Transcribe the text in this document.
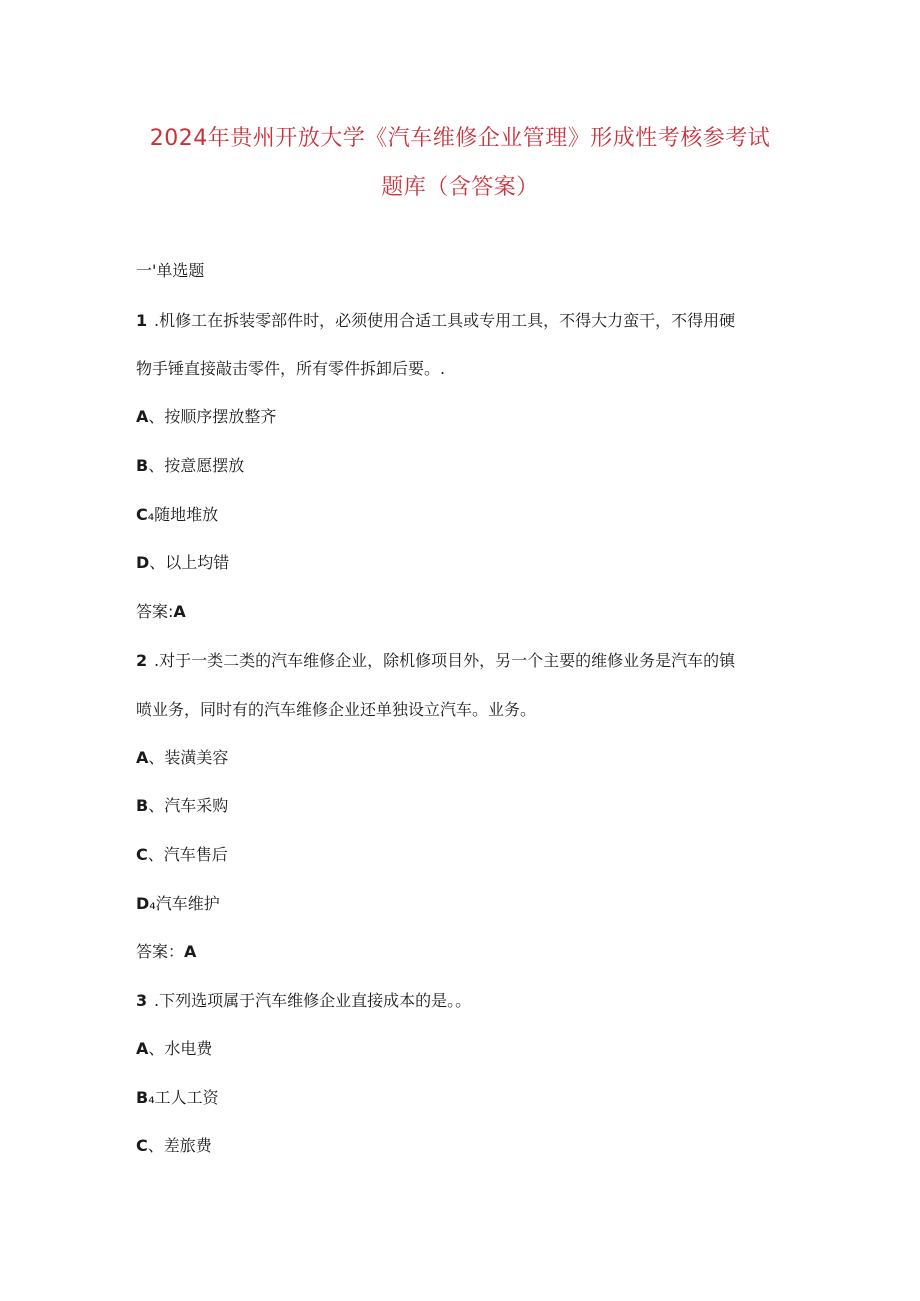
2024年贵州开放大学《汽车维修企业管理》形成性考核参考试
题库（含答案）
一'单选题
1 .机修工在拆装零部件时，必须使用合适工具或专用工具，不得大力蛮干，不得用硬
物手锤直接敲击零件，所有零件拆卸后要。.
A、按顺序摆放整齐
B、按意愿摆放
C₄随地堆放
D、以上均错
答案:A
2 .对于一类二类的汽车维修企业，除机修项目外，另一个主要的维修业务是汽车的镇
喷业务，同时有的汽车维修企业还单独设立汽车。业务。
A、装潢美容
B、汽车采购
C、汽车售后
D₄汽车维护
答案：A
3 .下列选项属于汽车维修企业直接成本的是。。
A、水电费
B₄工人工资
C、差旅费
